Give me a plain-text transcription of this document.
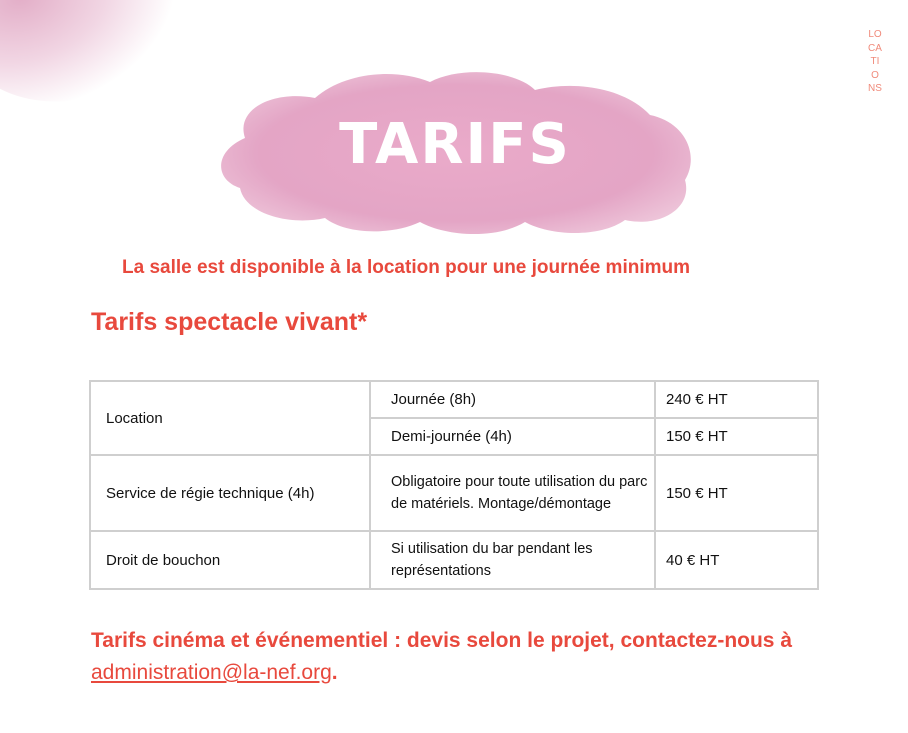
LOCATIONS
TARIFS
La salle est disponible à la location pour une journée minimum
Tarifs spectacle vivant*
Location	Journée (8h)	240 € HT
	Demi-journée (4h)	150 € HT
Service de régie technique (4h)	Obligatoire pour toute utilisation du parc de matériels. Montage/démontage	150 € HT
Droit de bouchon	Si utilisation du bar pendant les représentations	40 € HT
Tarifs cinéma et événementiel : devis selon le projet, contactez-nous à administration@la-nef.org.
